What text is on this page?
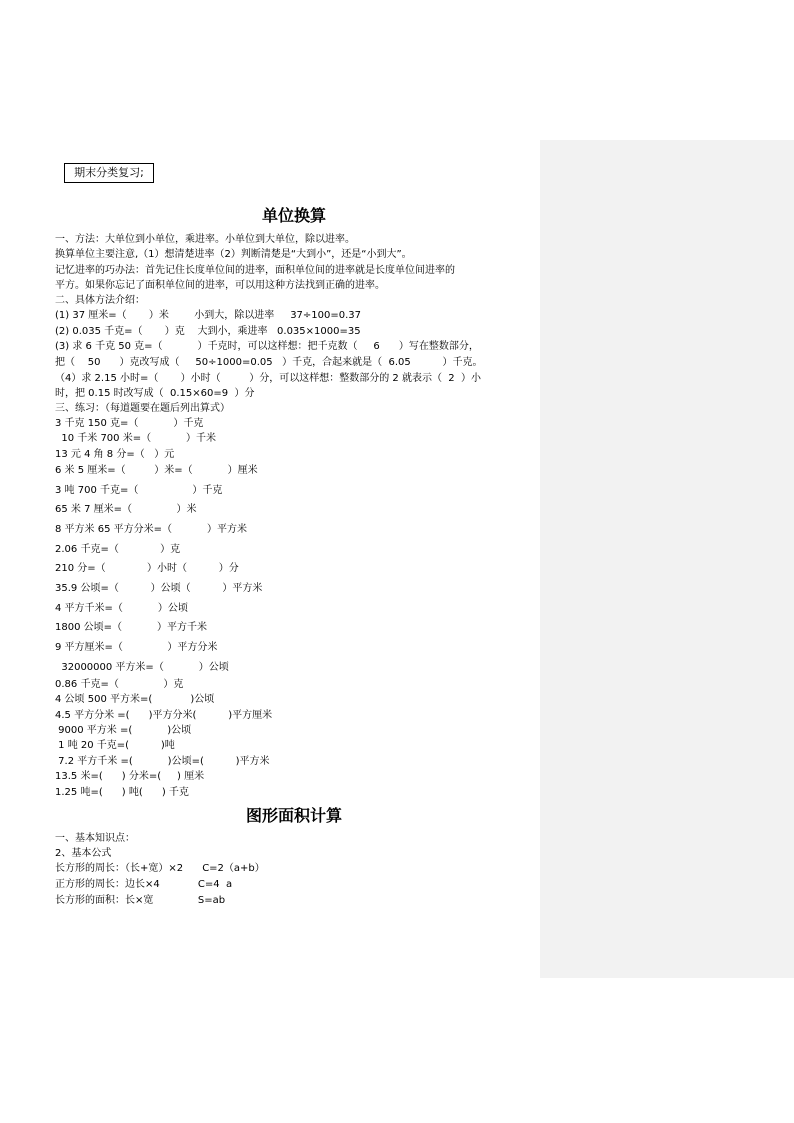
期末分类复习;
单位换算
一、方法：大单位到小单位，乘进率。小单位到大单位，除以进率。
换算单位主要注意,（1）想清楚进率（2）判断清楚是“大到小”，还是“小到大”。
记忆进率的巧办法：首先记住长度单位间的进率，面积单位间的进率就是长度单位间进率的
平方。如果你忘记了面积单位间的进率，可以用这种方法找到正确的进率。
二、具体方法介绍：
(1) 37 厘米=（       ）米        小到大，除以进率     37÷100=0.37
(2) 0.035 千克=（       ）克    大到小，乘进率   0.035×1000=35
(3) 求 6 千克 50 克=（           ）千克时，可以这样想：把千克数（     6      ）写在整数部分，
把（    50      ）克改写成（     50÷1000=0.05   ）千克，合起来就是（  6.05          ）千克。
（4）求 2.15 小时=（       ）小时（         ）分，可以这样想：整数部分的 2 就表示（  2  ）小
时，把 0.15 时改写成（  0.15×60=9  ）分
三、练习：（每道题要在题后列出算式）
3 千克 150 克=（           ）千克
10 千米 700 米=（           ）千米
13 元 4 角 8 分=（   ）元
6 米 5 厘米=（         ）米=（           ）厘米
3 吨 700 千克=（                 ）千克
65 米 7 厘米=（              ）米
8 平方米 65 平方分米=（           ）平方米
2.06 千克=（             ）克
210 分=（             ）小时（          ）分
35.9 公顷=（          ）公顷（          ）平方米
4 平方千米=（           ）公顷
1800 公顷=（           ）平方千米
9 平方厘米=（              ）平方分米
32000000 平方米=（           ）公顷
0.86 千克=（              ）克
4 公顷 500 平方米=(            )公顷
4.5 平方分米 =(      )平方分米(          )平方厘米
9000 平方米 =(           )公顷
1 吨 20 千克=(          )吨
7.2 平方千米 =(           )公顷=(          )平方米
13.5 米=(      ) 分米=(     ) 厘米
1.25 吨=(      ) 吨(      ) 千克
图形面积计算
一、基本知识点：
2、基本公式
长方形的周长：（长+宽）×2      C=2（a+b）
正方形的周长：边长×4            C=4  a
长方形的面积：长×宽              S=ab
